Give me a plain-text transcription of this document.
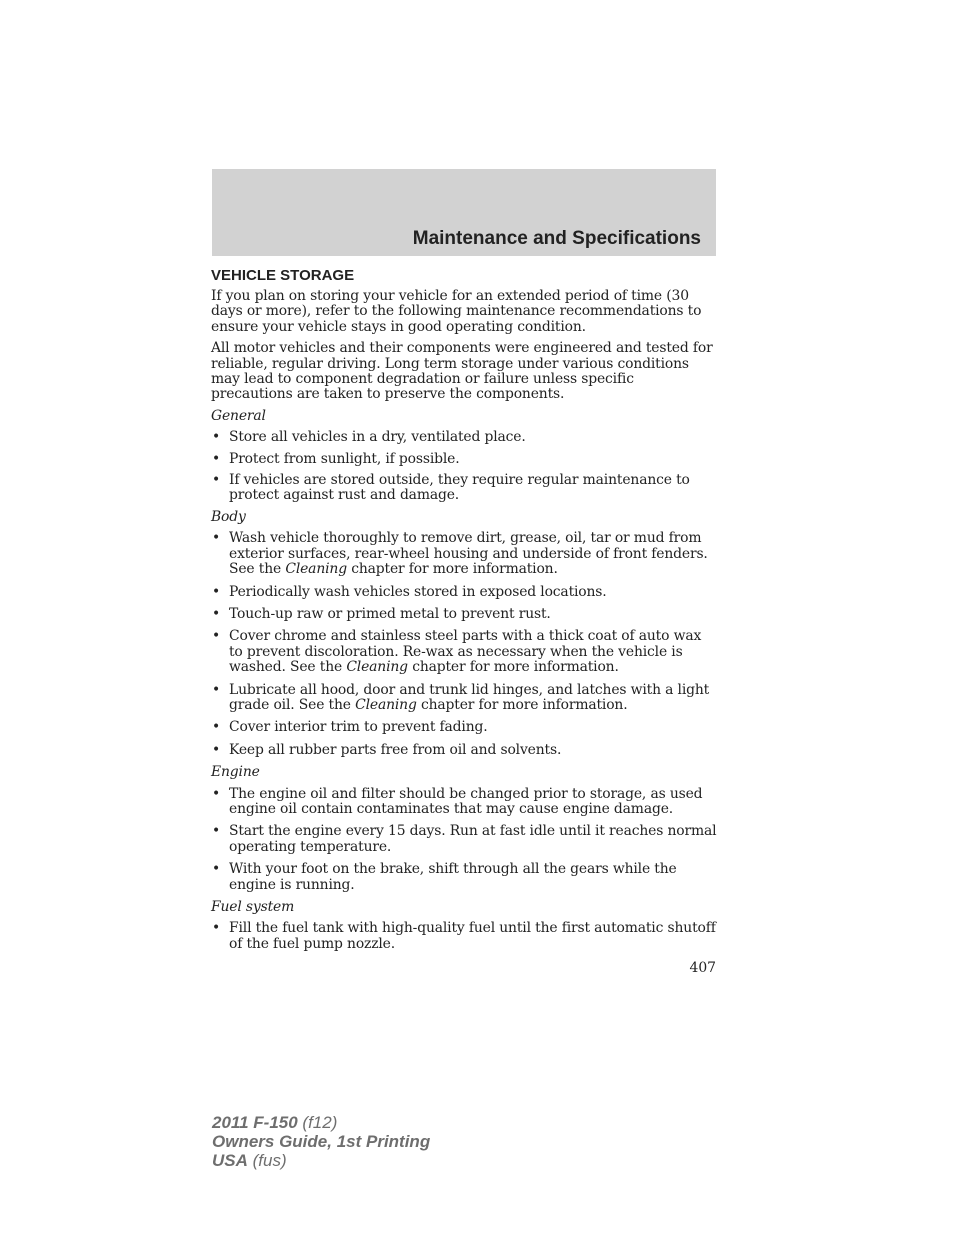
Maintenance and Specifications
VEHICLE STORAGE

If you plan on storing your vehicle for an extended period of time (30 days or more), refer to the following maintenance recommendations to ensure your vehicle stays in good operating condition.

All motor vehicles and their components were engineered and tested for reliable, regular driving. Long term storage under various conditions may lead to component degradation or failure unless specific precautions are taken to preserve the components.

General
• Store all vehicles in a dry, ventilated place.
• Protect from sunlight, if possible.
• If vehicles are stored outside, they require regular maintenance to protect against rust and damage.
Body
• Wash vehicle thoroughly to remove dirt, grease, oil, tar or mud from exterior surfaces, rear-wheel housing and underside of front fenders. See the Cleaning chapter for more information.
• Periodically wash vehicles stored in exposed locations.
• Touch-up raw or primed metal to prevent rust.
• Cover chrome and stainless steel parts with a thick coat of auto wax to prevent discoloration. Re-wax as necessary when the vehicle is washed. See the Cleaning chapter for more information.
• Lubricate all hood, door and trunk lid hinges, and latches with a light grade oil. See the Cleaning chapter for more information.
• Cover interior trim to prevent fading.
• Keep all rubber parts free from oil and solvents.
Engine
• The engine oil and filter should be changed prior to storage, as used engine oil contain contaminates that may cause engine damage.
• Start the engine every 15 days. Run at fast idle until it reaches normal operating temperature.
• With your foot on the brake, shift through all the gears while the engine is running.
Fuel system
• Fill the fuel tank with high-quality fuel until the first automatic shutoff of the fuel pump nozzle.
407
2011 F-150 (f12)
Owners Guide, 1st Printing
USA (fus)
